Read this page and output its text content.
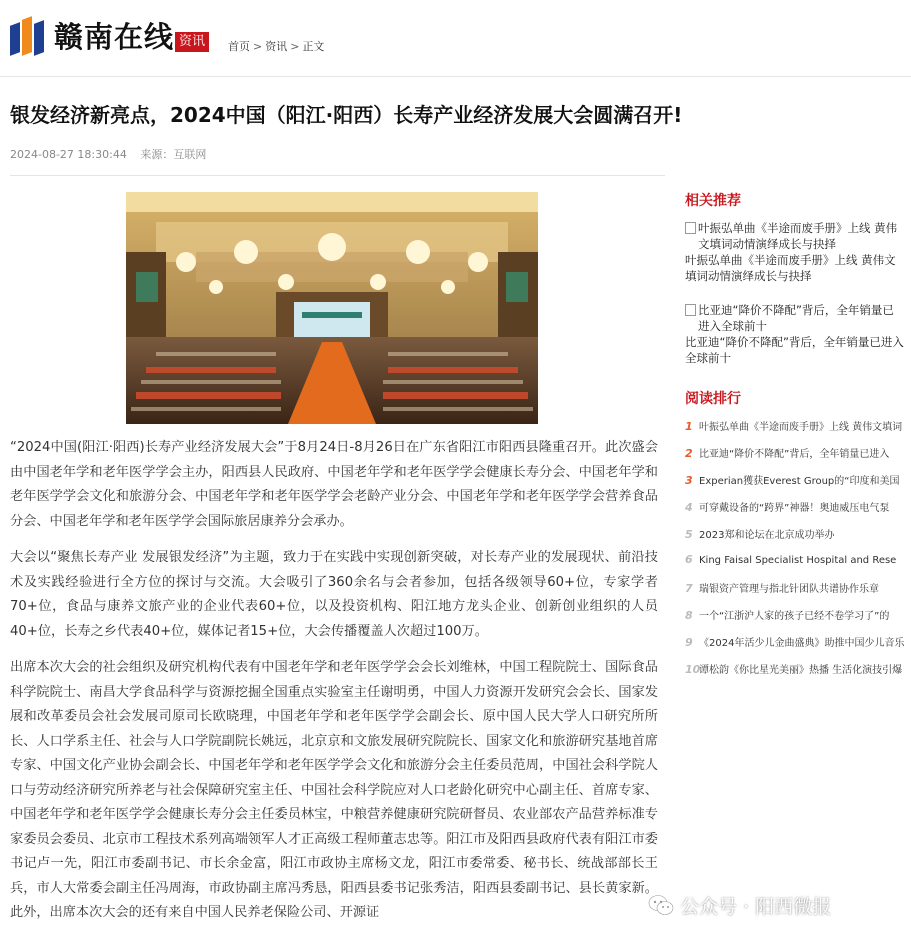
赣南在线 资讯	首页 > 资讯 > 正文
银发经济新亮点，2024中国（阳江·阳西）长寿产业经济发展大会圆满召开!
2024-08-27 18:30:44 来源：互联网

“2024中国(阳江·阳西)长寿产业经济发展大会”于8月24日-8月26日在广东省阳江市阳西县隆重召开。此次盛会由中国老年学和老年医学学会主办，阳西县人民政府、中国老年学和老年医学学会健康长寿分会、中国老年学和老年医学学会文化和旅游分会、中国老年学和老年医学学会老龄产业分会、中国老年学和老年医学学会营养食品分会、中国老年学和老年医学学会国际旅居康养分会承办。

大会以“聚焦长寿产业 发展银发经济”为主题，致力于在实践中实现创新突破，对长寿产业的发展现状、前沿技术及实践经验进行全方位的探讨与交流。大会吸引了360余名与会者参加，包括各级领导60+位，专家学者70+位，食品与康养文旅产业的企业代表60+位，以及投资机构、阳江地方龙头企业、创新创业组织的人员40+位，长寿之乡代表40+位，媒体记者15+位，大会传播覆盖人次超过100万。

出席本次大会的社会组织及研究机构代表有中国老年学和老年医学学会会长刘维林，中国工程院院士、国际食品科学院院士、南昌大学食品科学与资源挖掘全国重点实验室主任谢明勇，中国人力资源开发研究会会长、国家发展和改革委员会社会发展司原司长欧晓理，中国老年学和老年医学学会副会长、原中国人民大学人口研究所所长、人口学系主任、社会与人口学院副院长姚远，北京京和文旅发展研究院院长、国家文化和旅游研究基地首席专家、中国文化产业协会副会长、中国老年学和老年医学学会文化和旅游分会主任委员范周，中国社会科学院人口与劳动经济研究所养老与社会保障研究室主任、中国社会科学院应对人口老龄化研究中心副主任、首席专家、中国老年学和老年医学学会健康长寿分会主任委员林宝，中粮营养健康研究院研督员、农业部农产品营养标准专家委员会委员、北京市工程技术系列高端领军人才正高级工程师董志忠等。阳江市及阳西县政府代表有阳江市委书记卢一先，阳江市委副书记、市长余金富，阳江市政协主席杨文龙，阳江市委常委、秘书长、统战部部长王兵，市人大常委会副主任冯周海，市政协副主席冯秀恳，阳西县委书记张秀洁，阳西县委副书记、县长黄家新。此外，出席本次大会的还有来自中国人民养老保险公司、开源证

相关推荐
叶振弘单曲《半途而废手册》上线 黄伟文填词动情演绎成长与抉择
叶振弘单曲《半途而废手册》上线 黄伟文填词动情演绎成长与抉择
比亚迪“降价不降配”背后，全年销量已进入全球前十
比亚迪“降价不降配”背后，全年销量已进入全球前十
阅读排行
1 叶振弘单曲《半途而废手册》上线 黄伟文填词
2 比亚迪“降价不降配”背后，全年销量已进入
3 Experian獲获Everest Group的“印度和美国
4 可穿戴设备的“跨界”神器！奥迪威压电气泵
5 2023郑和论坛在北京成功举办
6 King Faisal Specialist Hospital and Rese
7 瑞银资产管理与指北针团队共谱协作乐章
8 一个“江浙沪人家的孩子已经不卷学习了”的
9 《2024年活少儿金曲盛典》助推中国少儿音乐
10谭松韵《你比星光美丽》热播 生活化演技引爆
公众号 · 阳西微报
